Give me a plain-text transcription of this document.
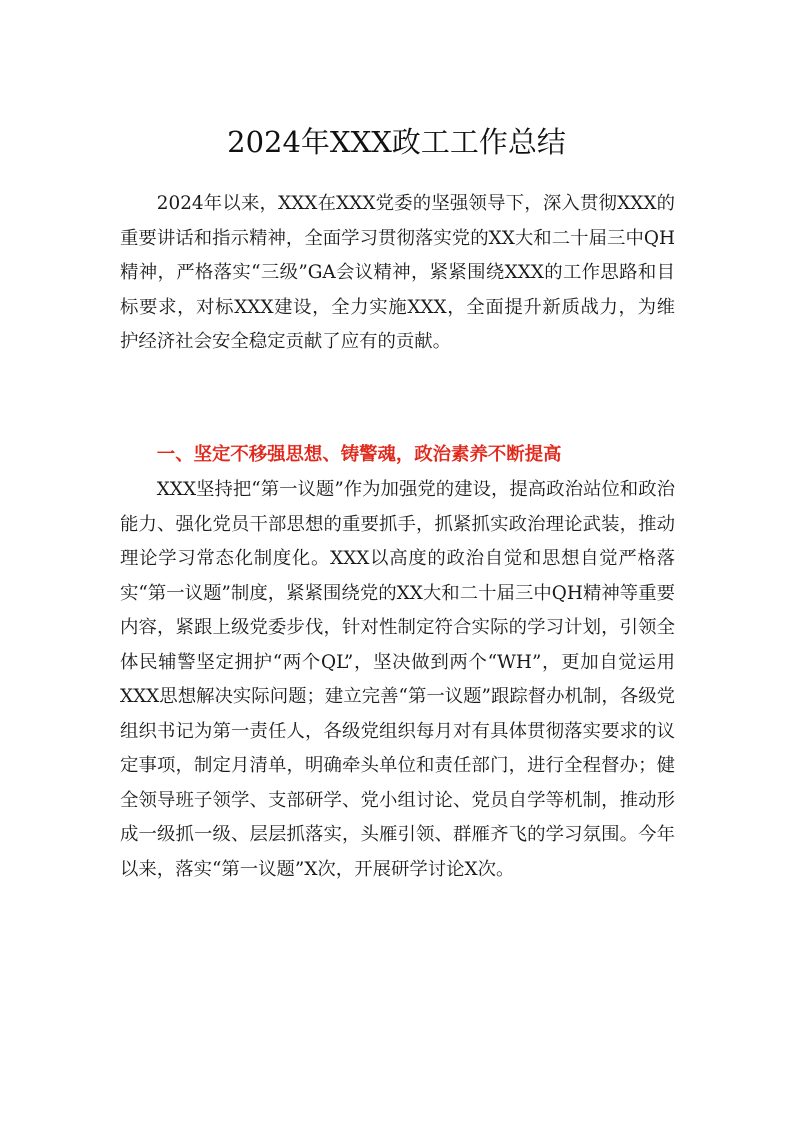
2024年XXX政工工作总结

2024年以来，XXX在XXX党委的坚强领导下，深入贯彻XXX的重要讲话和指示精神，全面学习贯彻落实党的XX大和二十届三中QH精神，严格落实“三级”GA会议精神，紧紧围绕XXX的工作思路和目标要求，对标XXX建设，全力实施XXX，全面提升新质战力，为维护经济社会安全稳定贡献了应有的贡献。

一、坚定不移强思想、铸警魂，政治素养不断提高

XXX坚持把“第一议题”作为加强党的建设，提高政治站位和政治能力、强化党员干部思想的重要抓手，抓紧抓实政治理论武装，推动理论学习常态化制度化。XXX以高度的政治自觉和思想自觉严格落实“第一议题”制度，紧紧围绕党的XX大和二十届三中QH精神等重要内容，紧跟上级党委步伐，针对性制定符合实际的学习计划，引领全体民辅警坚定拥护“两个QL”，坚决做到两个“WH”，更加自觉运用XXX思想解决实际问题；建立完善“第一议题”跟踪督办机制，各级党组织书记为第一责任人，各级党组织每月对有具体贯彻落实要求的议定事项，制定月清单，明确牵头单位和责任部门，进行全程督办；健全领导班子领学、支部研学、党小组讨论、党员自学等机制，推动形成一级抓一级、层层抓落实，头雁引领、群雁齐飞的学习氛围。今年以来，落实“第一议题”X次，开展研学讨论X次。
